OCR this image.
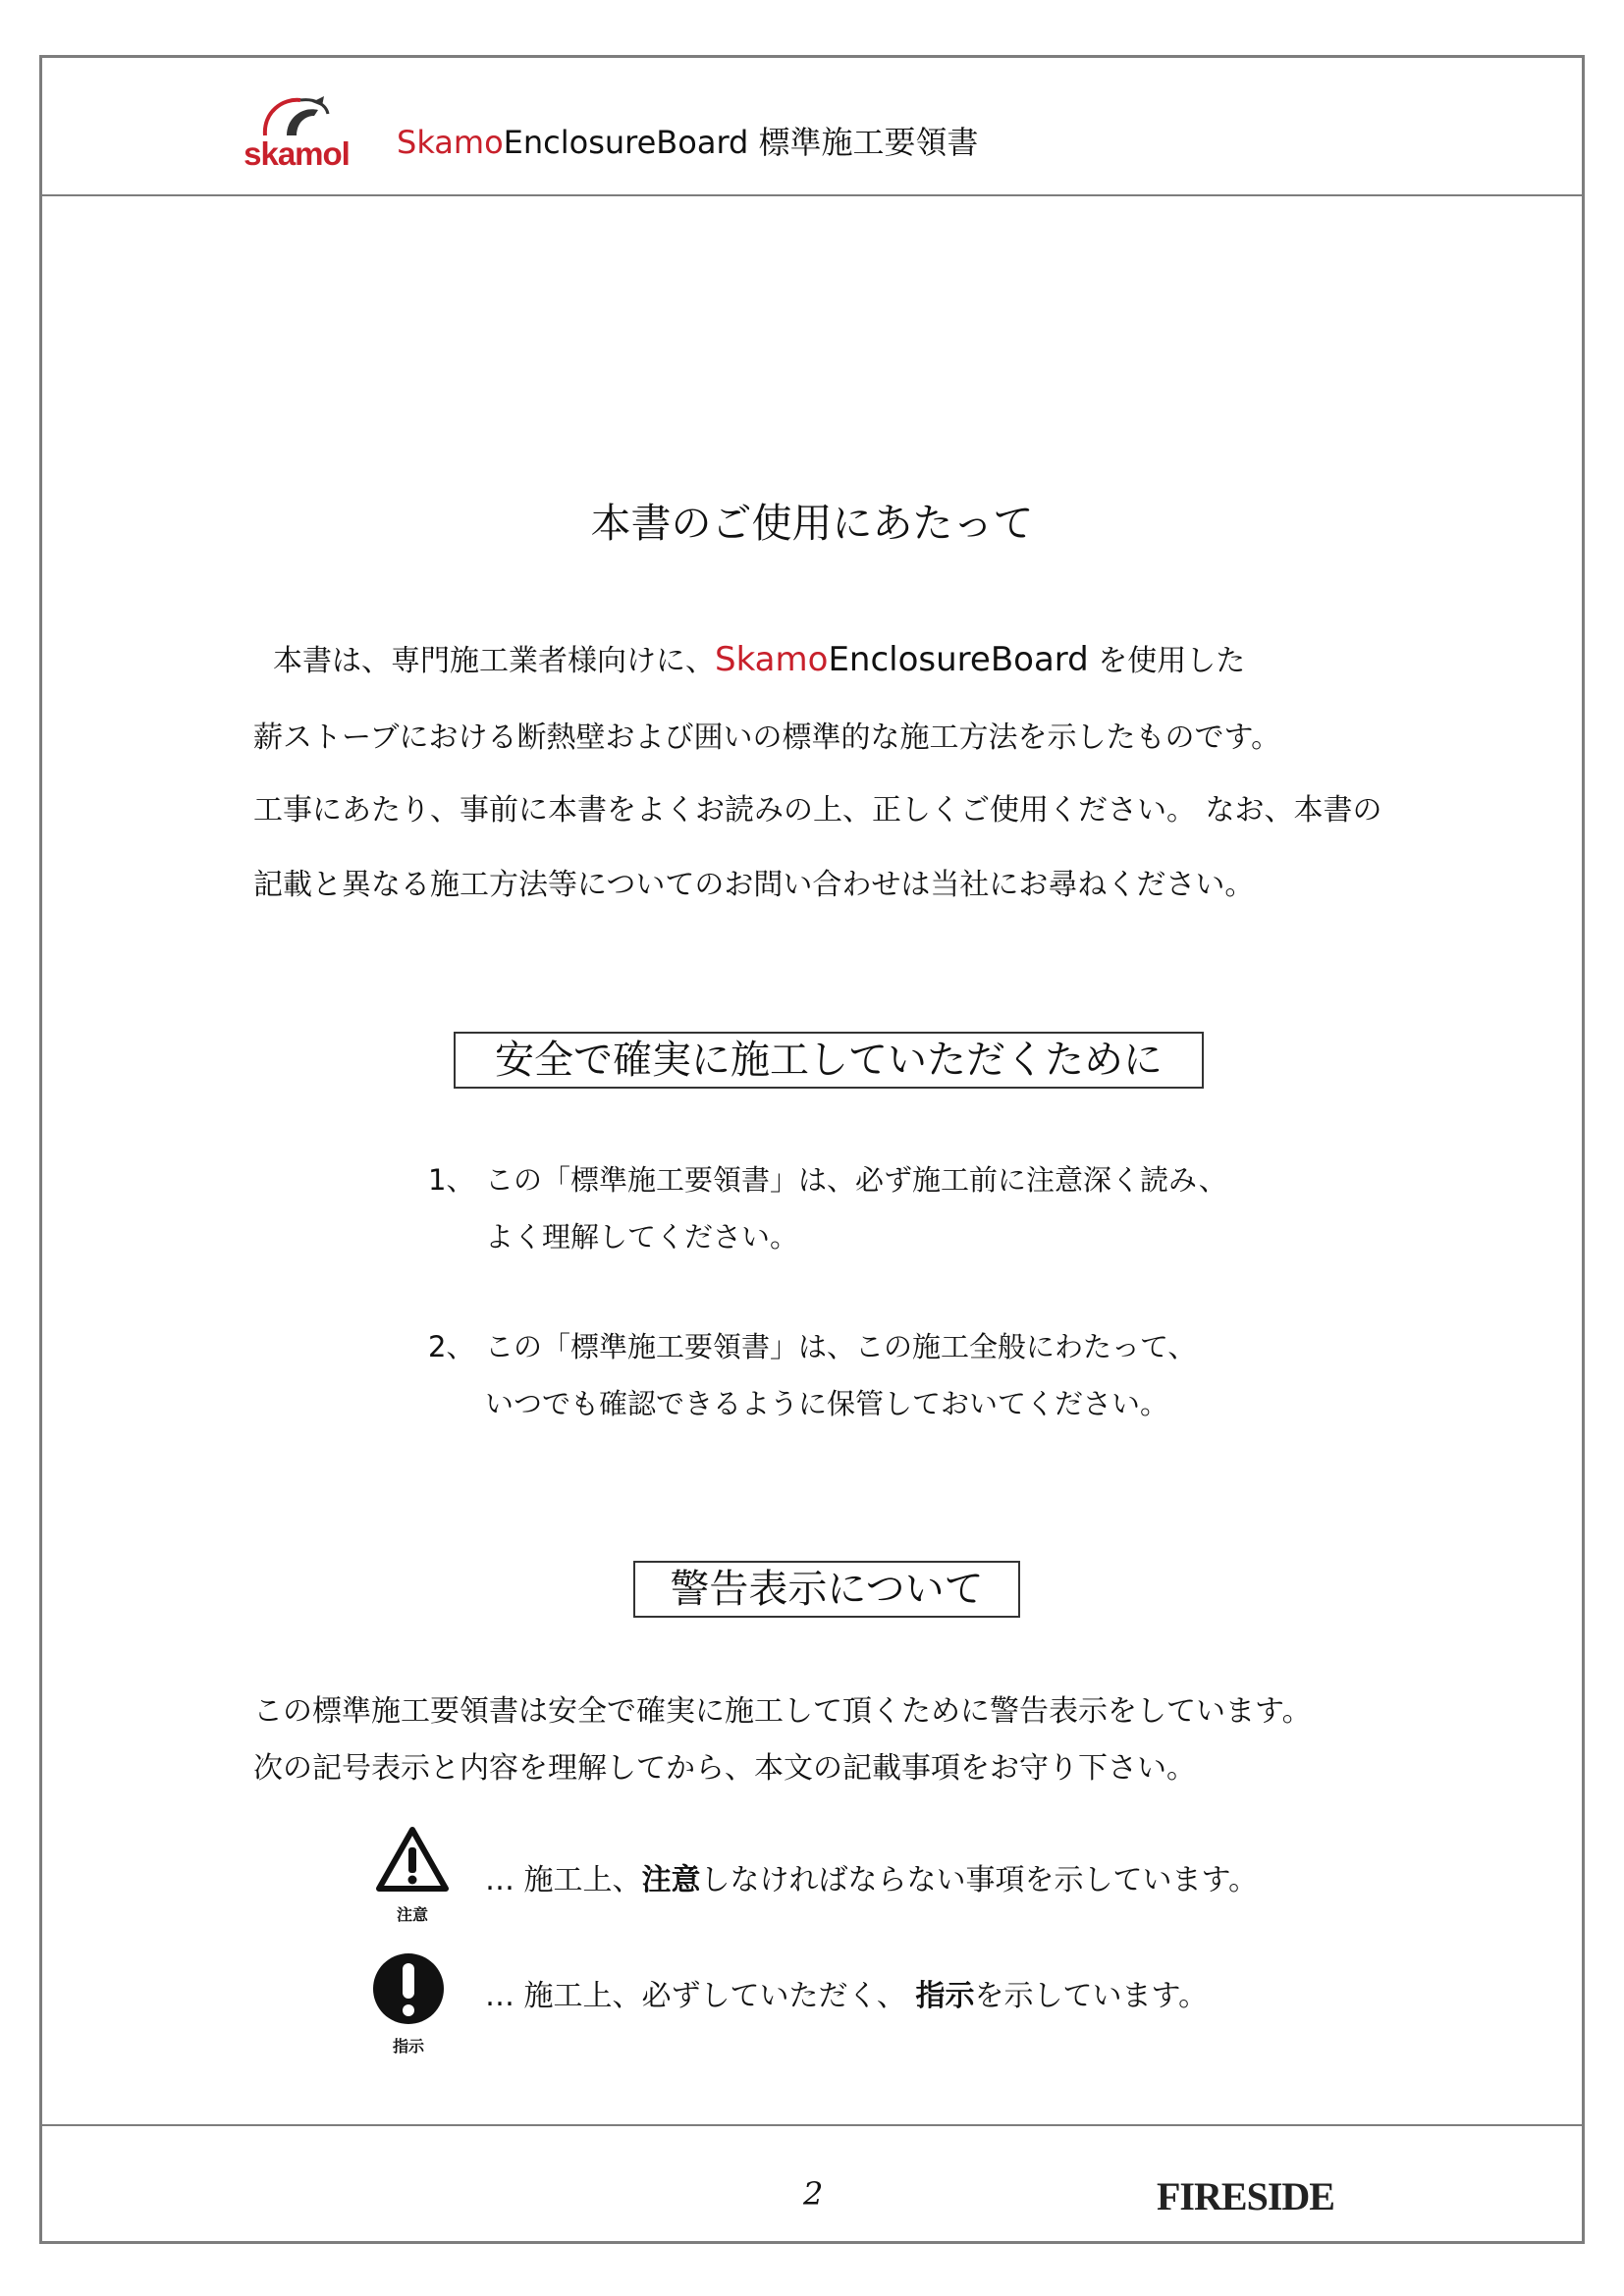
skamol SkamoEnclosureBoard 標準施工要領書
本書のご使用にあたって

本書は、専門施工業者様向けに、SkamoEnclosureBoard を使用した

薪ストーブにおける断熱壁および囲いの標準的な施工方法を示したものです。

工事にあたり、事前に本書をよくお読みの上、正しくご使用ください。 なお、本書の

記載と異なる施工方法等についてのお問い合わせは当社にお尋ねください。

安全で確実に施工していただくために
1、 この「標準施工要領書」は、必ず施工前に注意深く読み、
よく理解してください。
2、 この「標準施工要領書」は、この施工全般にわたって、
いつでも確認できるように保管しておいてください。
警告表示について

この標準施工要領書は安全で確実に施工して頂くために警告表示をしています。

次の記号表示と内容を理解してから、本文の記載事項をお守り下さい。

注意
… 施工上、注意しなければならない事項を示しています。
指示
… 施工上、必ずしていただく、 指示を示しています。
2	FIRESIDE
